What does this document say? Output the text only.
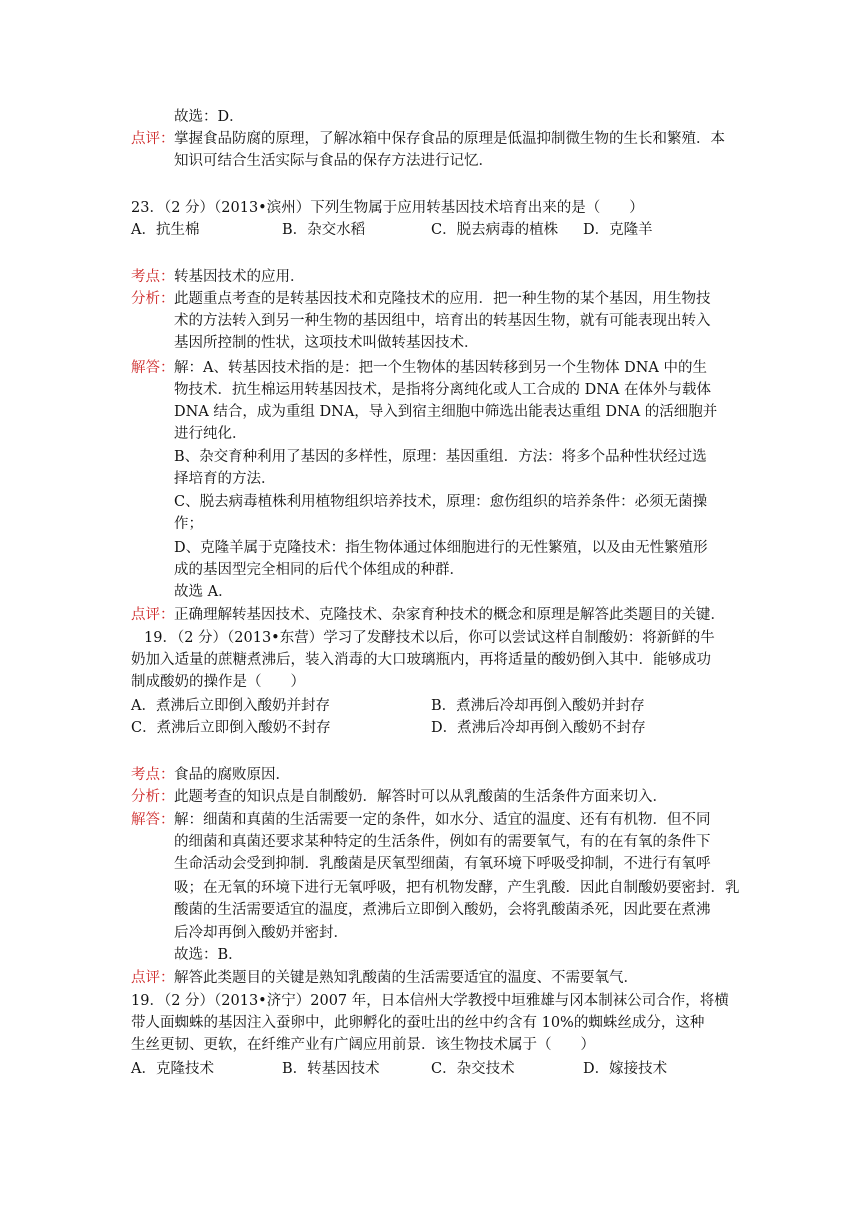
故选：D．
点评： 掌握食品防腐的原理，了解冰箱中保存食品的原理是低温抑制微生物的生长和繁殖．本
知识可结合生活实际与食品的保存方法进行记忆．
23．（2 分）（2013•滨州）下列生物属于应用转基因技术培育出来的是（　　）
A．抗生棉	B．杂交水稻	C．脱去病毒的植株 D．克隆羊
考点： 转基因技术的应用．
分析： 此题重点考查的是转基因技术和克隆技术的应用．把一种生物的某个基因，用生物技
术的方法转入到另一种生物的基因组中，培育出的转基因生物，就有可能表现出转入
基因所控制的性状，这项技术叫做转基因技术．
解答： 解：A、转基因技术指的是：把一个生物体的基因转移到另一个生物体 DNA 中的生
物技术．抗生棉运用转基因技术，是指将分离纯化或人工合成的 DNA 在体外与载体
DNA 结合，成为重组 DNA，导入到宿主细胞中筛选出能表达重组 DNA 的活细胞并
进行纯化．
B、杂交育种利用了基因的多样性，原理：基因重组．方法：将多个品种性状经过选
择培育的方法．
C、脱去病毒植株利用植物组织培养技术，原理：愈伤组织的培养条件：必须无菌操
作；
D、克隆羊属于克隆技术：指生物体通过体细胞进行的无性繁殖，以及由无性繁殖形
成的基因型完全相同的后代个体组成的种群．
故选 A．
点评： 正确理解转基因技术、克隆技术、杂家育种技术的概念和原理是解答此类题目的关键．
19．（2 分）（2013•东营）学习了发酵技术以后，你可以尝试这样自制酸奶：将新鲜的牛
奶加入适量的蔗糖煮沸后，装入消毒的大口玻璃瓶内，再将适量的酸奶倒入其中．能够成功
制成酸奶的操作是（　　）
A．煮沸后立即倒入酸奶并封存	B．煮沸后冷却再倒入酸奶并封存
C．煮沸后立即倒入酸奶不封存	D．煮沸后冷却再倒入酸奶不封存
考点： 食品的腐败原因．
分析： 此题考查的知识点是自制酸奶．解答时可以从乳酸菌的生活条件方面来切入．
解答： 解：细菌和真菌的生活需要一定的条件，如水分、适宜的温度、还有有机物．但不同
的细菌和真菌还要求某种特定的生活条件，例如有的需要氧气，有的在有氧的条件下
生命活动会受到抑制．乳酸菌是厌氧型细菌，有氧环境下呼吸受抑制，不进行有氧呼
吸；在无氧的环境下进行无氧呼吸，把有机物发酵，产生乳酸．因此自制酸奶要密封．乳
酸菌的生活需要适宜的温度，煮沸后立即倒入酸奶，会将乳酸菌杀死，因此要在煮沸
后冷却再倒入酸奶并密封．
故选：B．
点评： 解答此类题目的关键是熟知乳酸菌的生活需要适宜的温度、不需要氧气．
19．（2 分）（2013•济宁）2007 年，日本信州大学教授中垣雅雄与冈本制袜公司合作，将横
带人面蜘蛛的基因注入蚕卵中，此卵孵化的蚕吐出的丝中约含有 10%的蜘蛛丝成分，这种
生丝更韧、更软，在纤维产业有广阔应用前景．该生物技术属于（　　）
A．克隆技术	B．转基因技术	C．杂交技术	D．嫁接技术
